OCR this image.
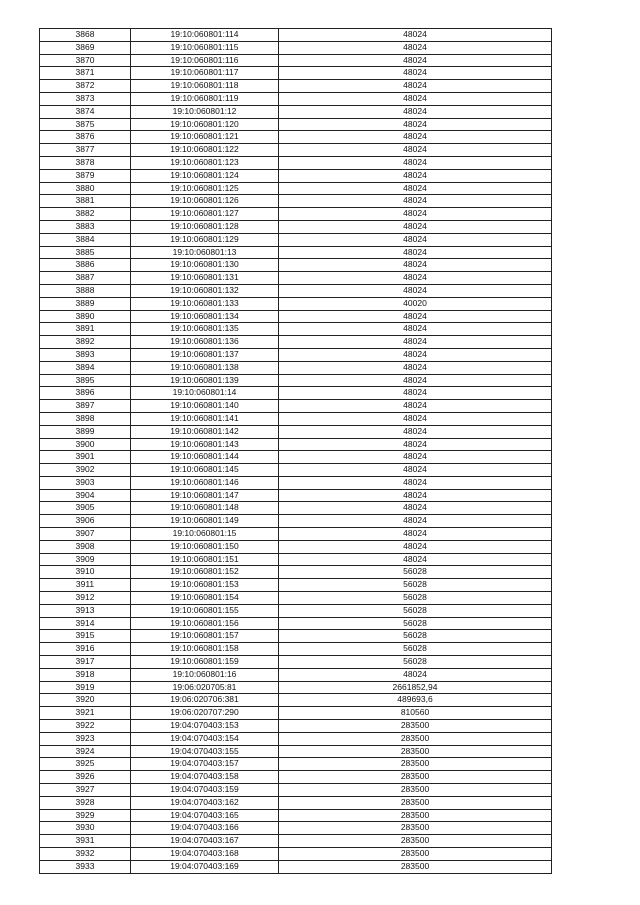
3868	19:10:060801:114	48024
3869	19:10:060801:115	48024
3870	19:10:060801:116	48024
3871	19:10:060801:117	48024
3872	19:10:060801:118	48024
3873	19:10:060801:119	48024
3874	19:10:060801:12	48024
3875	19:10:060801:120	48024
3876	19:10:060801:121	48024
3877	19:10:060801:122	48024
3878	19:10:060801:123	48024
3879	19:10:060801:124	48024
3880	19:10:060801:125	48024
3881	19:10:060801:126	48024
3882	19:10:060801:127	48024
3883	19:10:060801:128	48024
3884	19:10:060801:129	48024
3885	19:10:060801:13	48024
3886	19:10:060801:130	48024
3887	19:10:060801:131	48024
3888	19:10:060801:132	48024
3889	19:10:060801:133	40020
3890	19:10:060801:134	48024
3891	19:10:060801:135	48024
3892	19:10:060801:136	48024
3893	19:10:060801:137	48024
3894	19:10:060801:138	48024
3895	19:10:060801:139	48024
3896	19:10:060801:14	48024
3897	19:10:060801:140	48024
3898	19:10:060801:141	48024
3899	19:10:060801:142	48024
3900	19:10:060801:143	48024
3901	19:10:060801:144	48024
3902	19:10:060801:145	48024
3903	19:10:060801:146	48024
3904	19:10:060801:147	48024
3905	19:10:060801:148	48024
3906	19:10:060801:149	48024
3907	19:10:060801:15	48024
3908	19:10:060801:150	48024
3909	19:10:060801:151	48024
3910	19:10:060801:152	56028
3911	19:10:060801:153	56028
3912	19:10:060801:154	56028
3913	19:10:060801:155	56028
3914	19:10:060801:156	56028
3915	19:10:060801:157	56028
3916	19:10:060801:158	56028
3917	19:10:060801:159	56028
3918	19:10:060801:16	48024
3919	19:06:020705:81	2661852,94
3920	19:06:020706:381	489693,6
3921	19:06:020707:290	810560
3922	19:04:070403:153	283500
3923	19:04:070403:154	283500
3924	19:04:070403:155	283500
3925	19:04:070403:157	283500
3926	19:04:070403:158	283500
3927	19:04:070403:159	283500
3928	19:04:070403:162	283500
3929	19:04:070403:165	283500
3930	19:04:070403:166	283500
3931	19:04:070403:167	283500
3932	19:04:070403:168	283500
3933	19:04:070403:169	283500
